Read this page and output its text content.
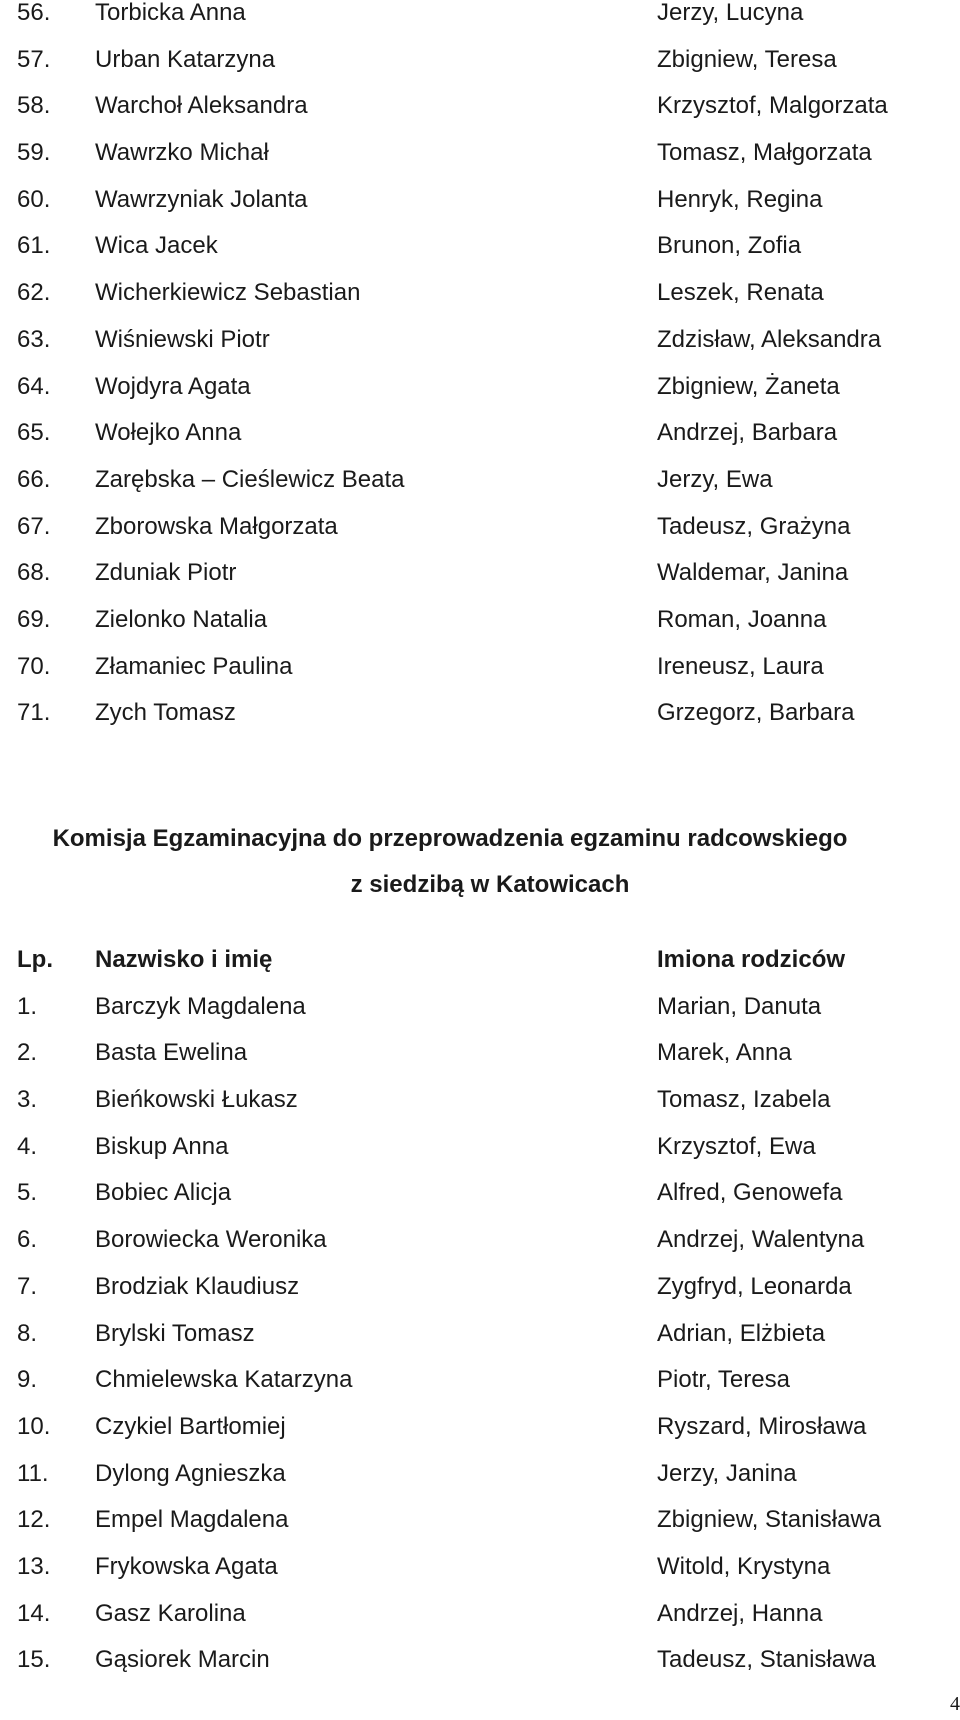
56. Torbicka Anna	Jerzy, Lucyna
57. Urban Katarzyna	Zbigniew, Teresa
58. Warchoł Aleksandra	Krzysztof, Malgorzata
59. Wawrzko Michał	Tomasz, Małgorzata
60. Wawrzyniak Jolanta	Henryk, Regina
61. Wica Jacek	Brunon, Zofia
62. Wicherkiewicz Sebastian	Leszek, Renata
63. Wiśniewski Piotr	Zdzisław, Aleksandra
64. Wojdyra Agata	Zbigniew, Żaneta
65. Wołejko Anna	Andrzej, Barbara
66. Zarębska – Cieślewicz Beata	Jerzy, Ewa
67. Zborowska Małgorzata	Tadeusz, Grażyna
68. Zduniak Piotr	Waldemar, Janina
69. Zielonko Natalia	Roman, Joanna
70. Złamaniec Paulina	Ireneusz, Laura
71. Zych Tomasz	Grzegorz, Barbara
Komisja Egzaminacyjna do przeprowadzenia egzaminu radcowskiego
z siedzibą w Katowicach
Lp. Nazwisko i imię	Imiona rodziców
1. Barczyk Magdalena	Marian, Danuta
2. Basta Ewelina	Marek, Anna
3. Bieńkowski Łukasz	Tomasz, Izabela
4. Biskup Anna	Krzysztof, Ewa
5. Bobiec Alicja	Alfred, Genowefa
6. Borowiecka Weronika	Andrzej, Walentyna
7. Brodziak Klaudiusz	Zygfryd, Leonarda
8. Brylski Tomasz	Adrian, Elżbieta
9. Chmielewska Katarzyna	Piotr, Teresa
10. Czykiel Bartłomiej	Ryszard, Mirosława
11. Dylong Agnieszka	Jerzy, Janina
12. Empel Magdalena	Zbigniew, Stanisława
13. Frykowska Agata	Witold, Krystyna
14. Gasz Karolina	Andrzej, Hanna
15. Gąsiorek Marcin	Tadeusz, Stanisława
4
